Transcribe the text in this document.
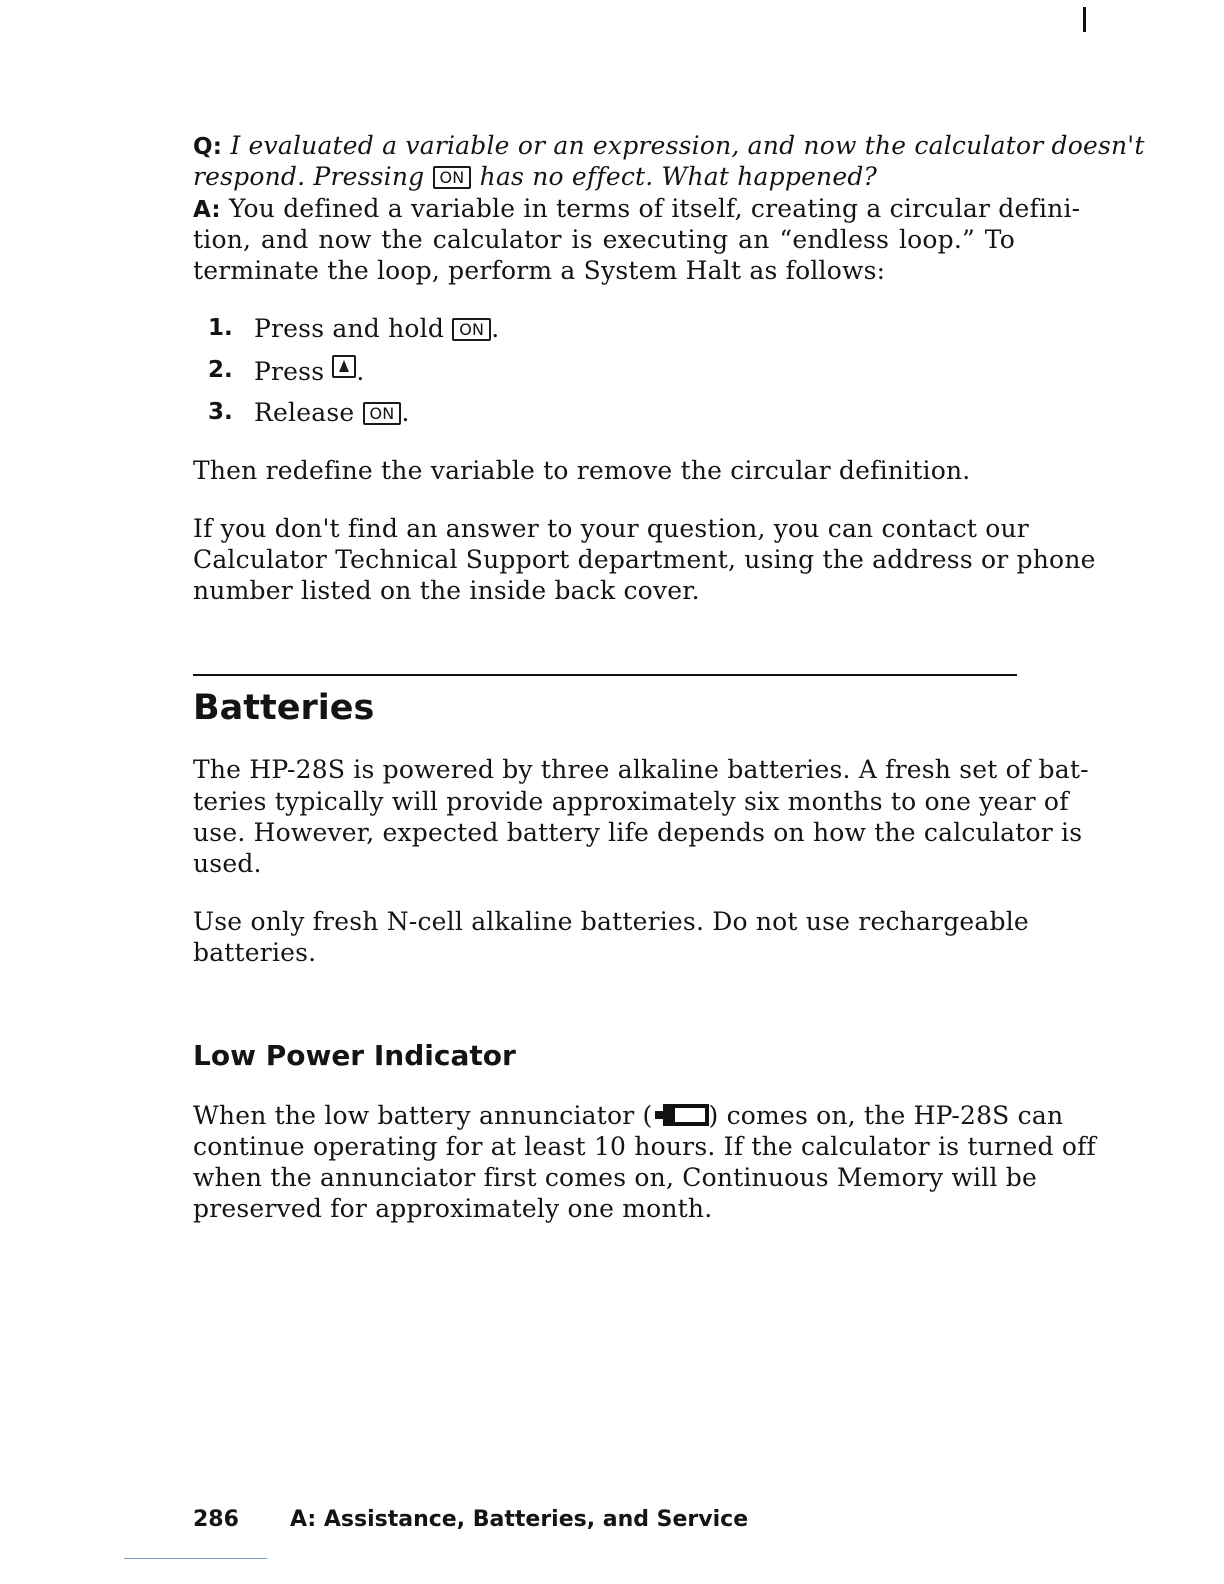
Q: I evaluated a variable or an expression, and now the calculator doesn't
respond. Pressing ON has no effect. What happened?
A: You defined a variable in terms of itself, creating a circular defini-
tion, and now the calculator is executing an “endless loop.” To
terminate the loop, perform a System Halt as follows:
1. Press and hold ON .
2. Press .
3. Release ON .
Then redefine the variable to remove the circular definition.
If you don't find an answer to your question, you can contact our
Calculator Technical Support department, using the address or phone
number listed on the inside back cover.
Batteries
The HP-28S is powered by three alkaline batteries. A fresh set of bat-
teries typically will provide approximately six months to one year of
use. However, expected battery life depends on how the calculator is
used.
Use only fresh N-cell alkaline batteries. Do not use rechargeable
batteries.
Low Power Indicator
When the low battery annunciator ( ) comes on, the HP-28S can
continue operating for at least 10 hours. If the calculator is turned off
when the annunciator first comes on, Continuous Memory will be
preserved for approximately one month.
286 A: Assistance, Batteries, and Service
